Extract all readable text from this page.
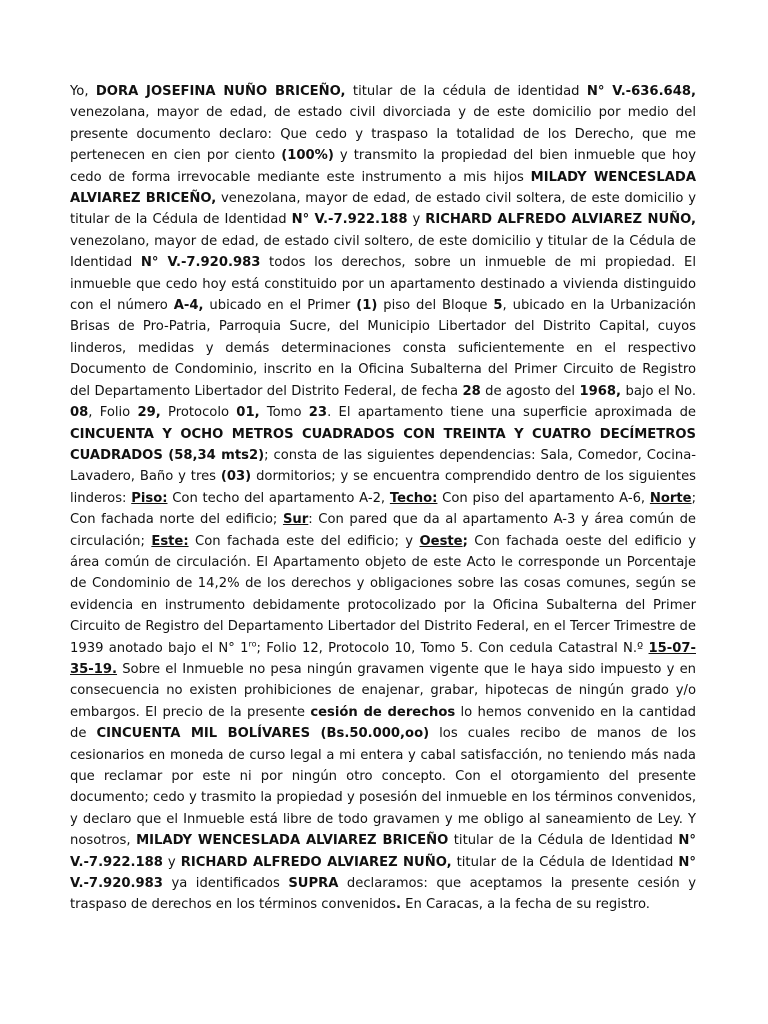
Yo, DORA JOSEFINA NUÑO BRICEÑO, titular de la cédula de identidad N° V.-636.648, venezolana, mayor de edad, de estado civil divorciada y de este domicilio por medio del presente documento declaro: Que cedo y traspaso la totalidad de los Derecho, que me pertenecen en cien por ciento (100%) y transmito la propiedad del bien inmueble que hoy cedo de forma irrevocable mediante este instrumento a mis hijos MILADY WENCESLADA ALVIAREZ BRICEÑO, venezolana, mayor de edad, de estado civil soltera, de este domicilio y titular de la Cédula de Identidad N° V.-7.922.188 y RICHARD ALFREDO ALVIAREZ NUÑO, venezolano, mayor de edad, de estado civil soltero, de este domicilio y titular de la Cédula de Identidad N° V.-7.920.983 todos los derechos, sobre un inmueble de mi propiedad. El inmueble que cedo hoy está constituido por un apartamento destinado a vivienda distinguido con el número A-4, ubicado en el Primer (1) piso del Bloque 5, ubicado en la Urbanización Brisas de Pro-Patria, Parroquia Sucre, del Municipio Libertador del Distrito Capital, cuyos linderos, medidas y demás determinaciones consta suficientemente en el respectivo Documento de Condominio, inscrito en la Oficina Subalterna del Primer Circuito de Registro del Departamento Libertador del Distrito Federal, de fecha 28 de agosto del 1968, bajo el No. 08, Folio 29, Protocolo 01, Tomo 23. El apartamento tiene una superficie aproximada de CINCUENTA Y OCHO METROS CUADRADOS CON TREINTA Y CUATRO DECÍMETROS CUADRADOS (58,34 mts2); consta de las siguientes dependencias: Sala, Comedor, Cocina-Lavadero, Baño y tres (03) dormitorios; y se encuentra comprendido dentro de los siguientes linderos: Piso: Con techo del apartamento A-2, Techo: Con piso del apartamento A-6, Norte; Con fachada norte del edificio; Sur: Con pared que da al apartamento A-3 y área común de circulación; Este: Con fachada este del edificio; y Oeste; Con fachada oeste del edificio y área común de circulación. El Apartamento objeto de este Acto le corresponde un Porcentaje de Condominio de 14,2% de los derechos y obligaciones sobre las cosas comunes, según se evidencia en instrumento debidamente protocolizado por la Oficina Subalterna del Primer Circuito de Registro del Departamento Libertador del Distrito Federal, en el Tercer Trimestre de 1939 anotado bajo el N° $1^{ro}$; Folio 12, Protocolo 10, Tomo 5. Con cedula Catastral N.º 15-07-35-19. Sobre el Inmueble no pesa ningún gravamen vigente que le haya sido impuesto y en consecuencia no existen prohibiciones de enajenar, grabar, hipotecas de ningún grado y/o embargos. El precio de la presente cesión de derechos lo hemos convenido en la cantidad de CINCUENTA MIL BOLÍVARES (Bs.50.000,oo) los cuales recibo de manos de los cesionarios en moneda de curso legal a mi entera y cabal satisfacción, no teniendo más nada que reclamar por este ni por ningún otro concepto. Con el otorgamiento del presente documento; cedo y trasmito la propiedad y posesión del inmueble en los términos convenidos, y declaro que el Inmueble está libre de todo gravamen y me obligo al saneamiento de Ley. Y nosotros, MILADY WENCESLADA ALVIAREZ BRICEÑO titular de la Cédula de Identidad N° V.-7.922.188 y RICHARD ALFREDO ALVIAREZ NUÑO, titular de la Cédula de Identidad N° V.-7.920.983 ya identificados SUPRA declaramos: que aceptamos la presente cesión y traspaso de derechos en los términos convenidos. En Caracas, a la fecha de su registro.
